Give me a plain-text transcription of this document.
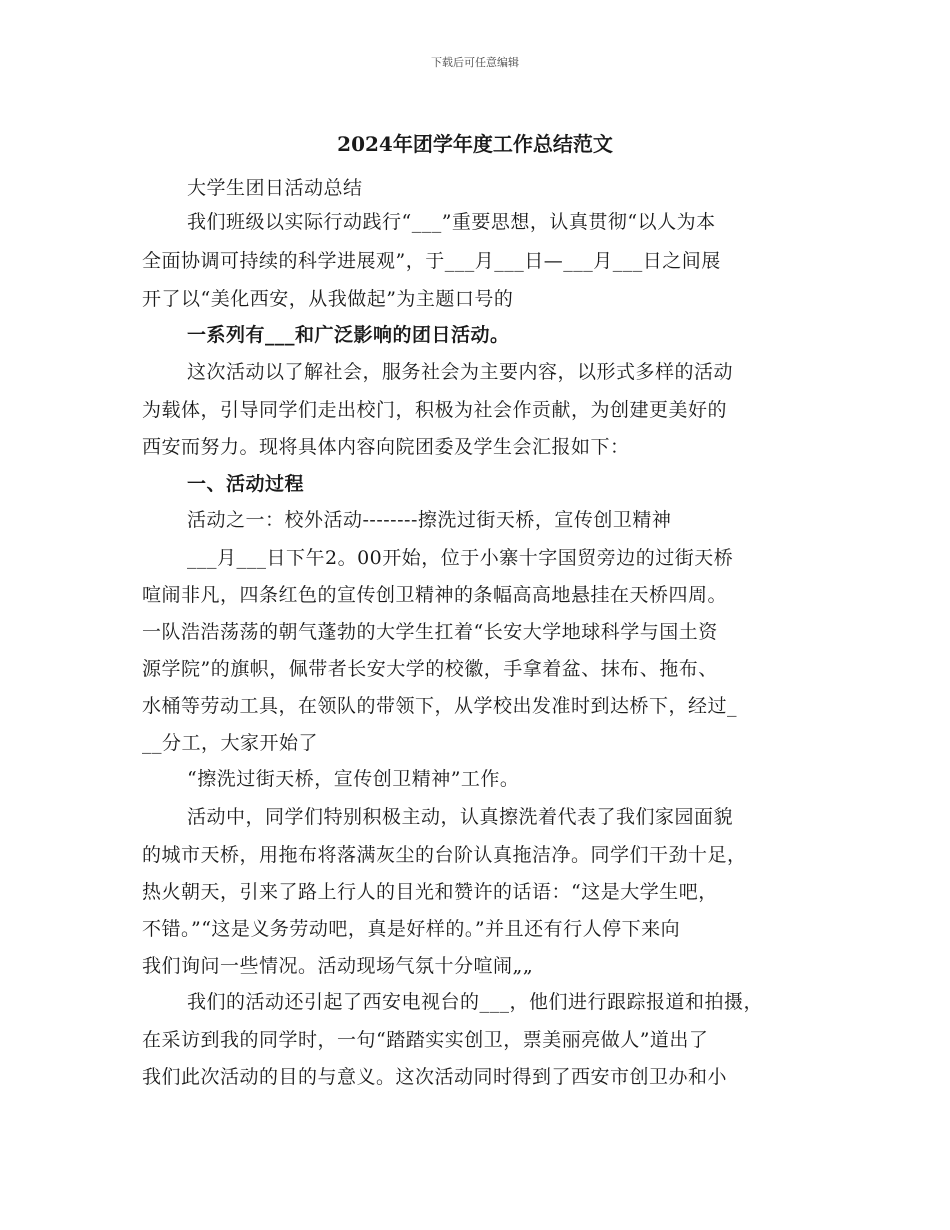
下载后可任意编辑
2024年团学年度工作总结范文
大学生团日活动总结
我们班级以实际行动践行“___”重要思想，认真贯彻“以人为本
全面协调可持续的科学进展观”，于___月___日—___月___日之间展
开了以“美化西安，从我做起”为主题口号的
一系列有___和广泛影响的团日活动。
这次活动以了解社会，服务社会为主要内容，以形式多样的活动
为载体，引导同学们走出校门，积极为社会作贡献，为创建更美好的
西安而努力。现将具体内容向院团委及学生会汇报如下：
一、活动过程
活动之一：校外活动--------擦洗过街天桥，宣传创卫精神
___月___日下午2。00开始，位于小寨十字国贸旁边的过街天桥
喧闹非凡，四条红色的宣传创卫精神的条幅高高地悬挂在天桥四周。
一队浩浩荡荡的朝气蓬勃的大学生扛着“长安大学地球科学与国土资
源学院”的旗帜，佩带者长安大学的校徽，手拿着盆、抹布、拖布、
水桶等劳动工具，在领队的带领下，从学校出发准时到达桥下，经过_
__分工，大家开始了
“擦洗过街天桥，宣传创卫精神”工作。
活动中，同学们特别积极主动，认真擦洗着代表了我们家园面貌
的城市天桥，用拖布将落满灰尘的台阶认真拖洁净。同学们干劲十足，
热火朝天，引来了路上行人的目光和赞许的话语：“这是大学生吧，
不错。”“这是义务劳动吧，真是好样的。”并且还有行人停下来向
我们询问一些情况。活动现场气氛十分喧闹„„
我们的活动还引起了西安电视台的___，他们进行跟踪报道和拍摄，
在采访到我的同学时，一句“踏踏实实创卫，票美丽亮做人”道出了
我们此次活动的目的与意义。这次活动同时得到了西安市创卫办和小
